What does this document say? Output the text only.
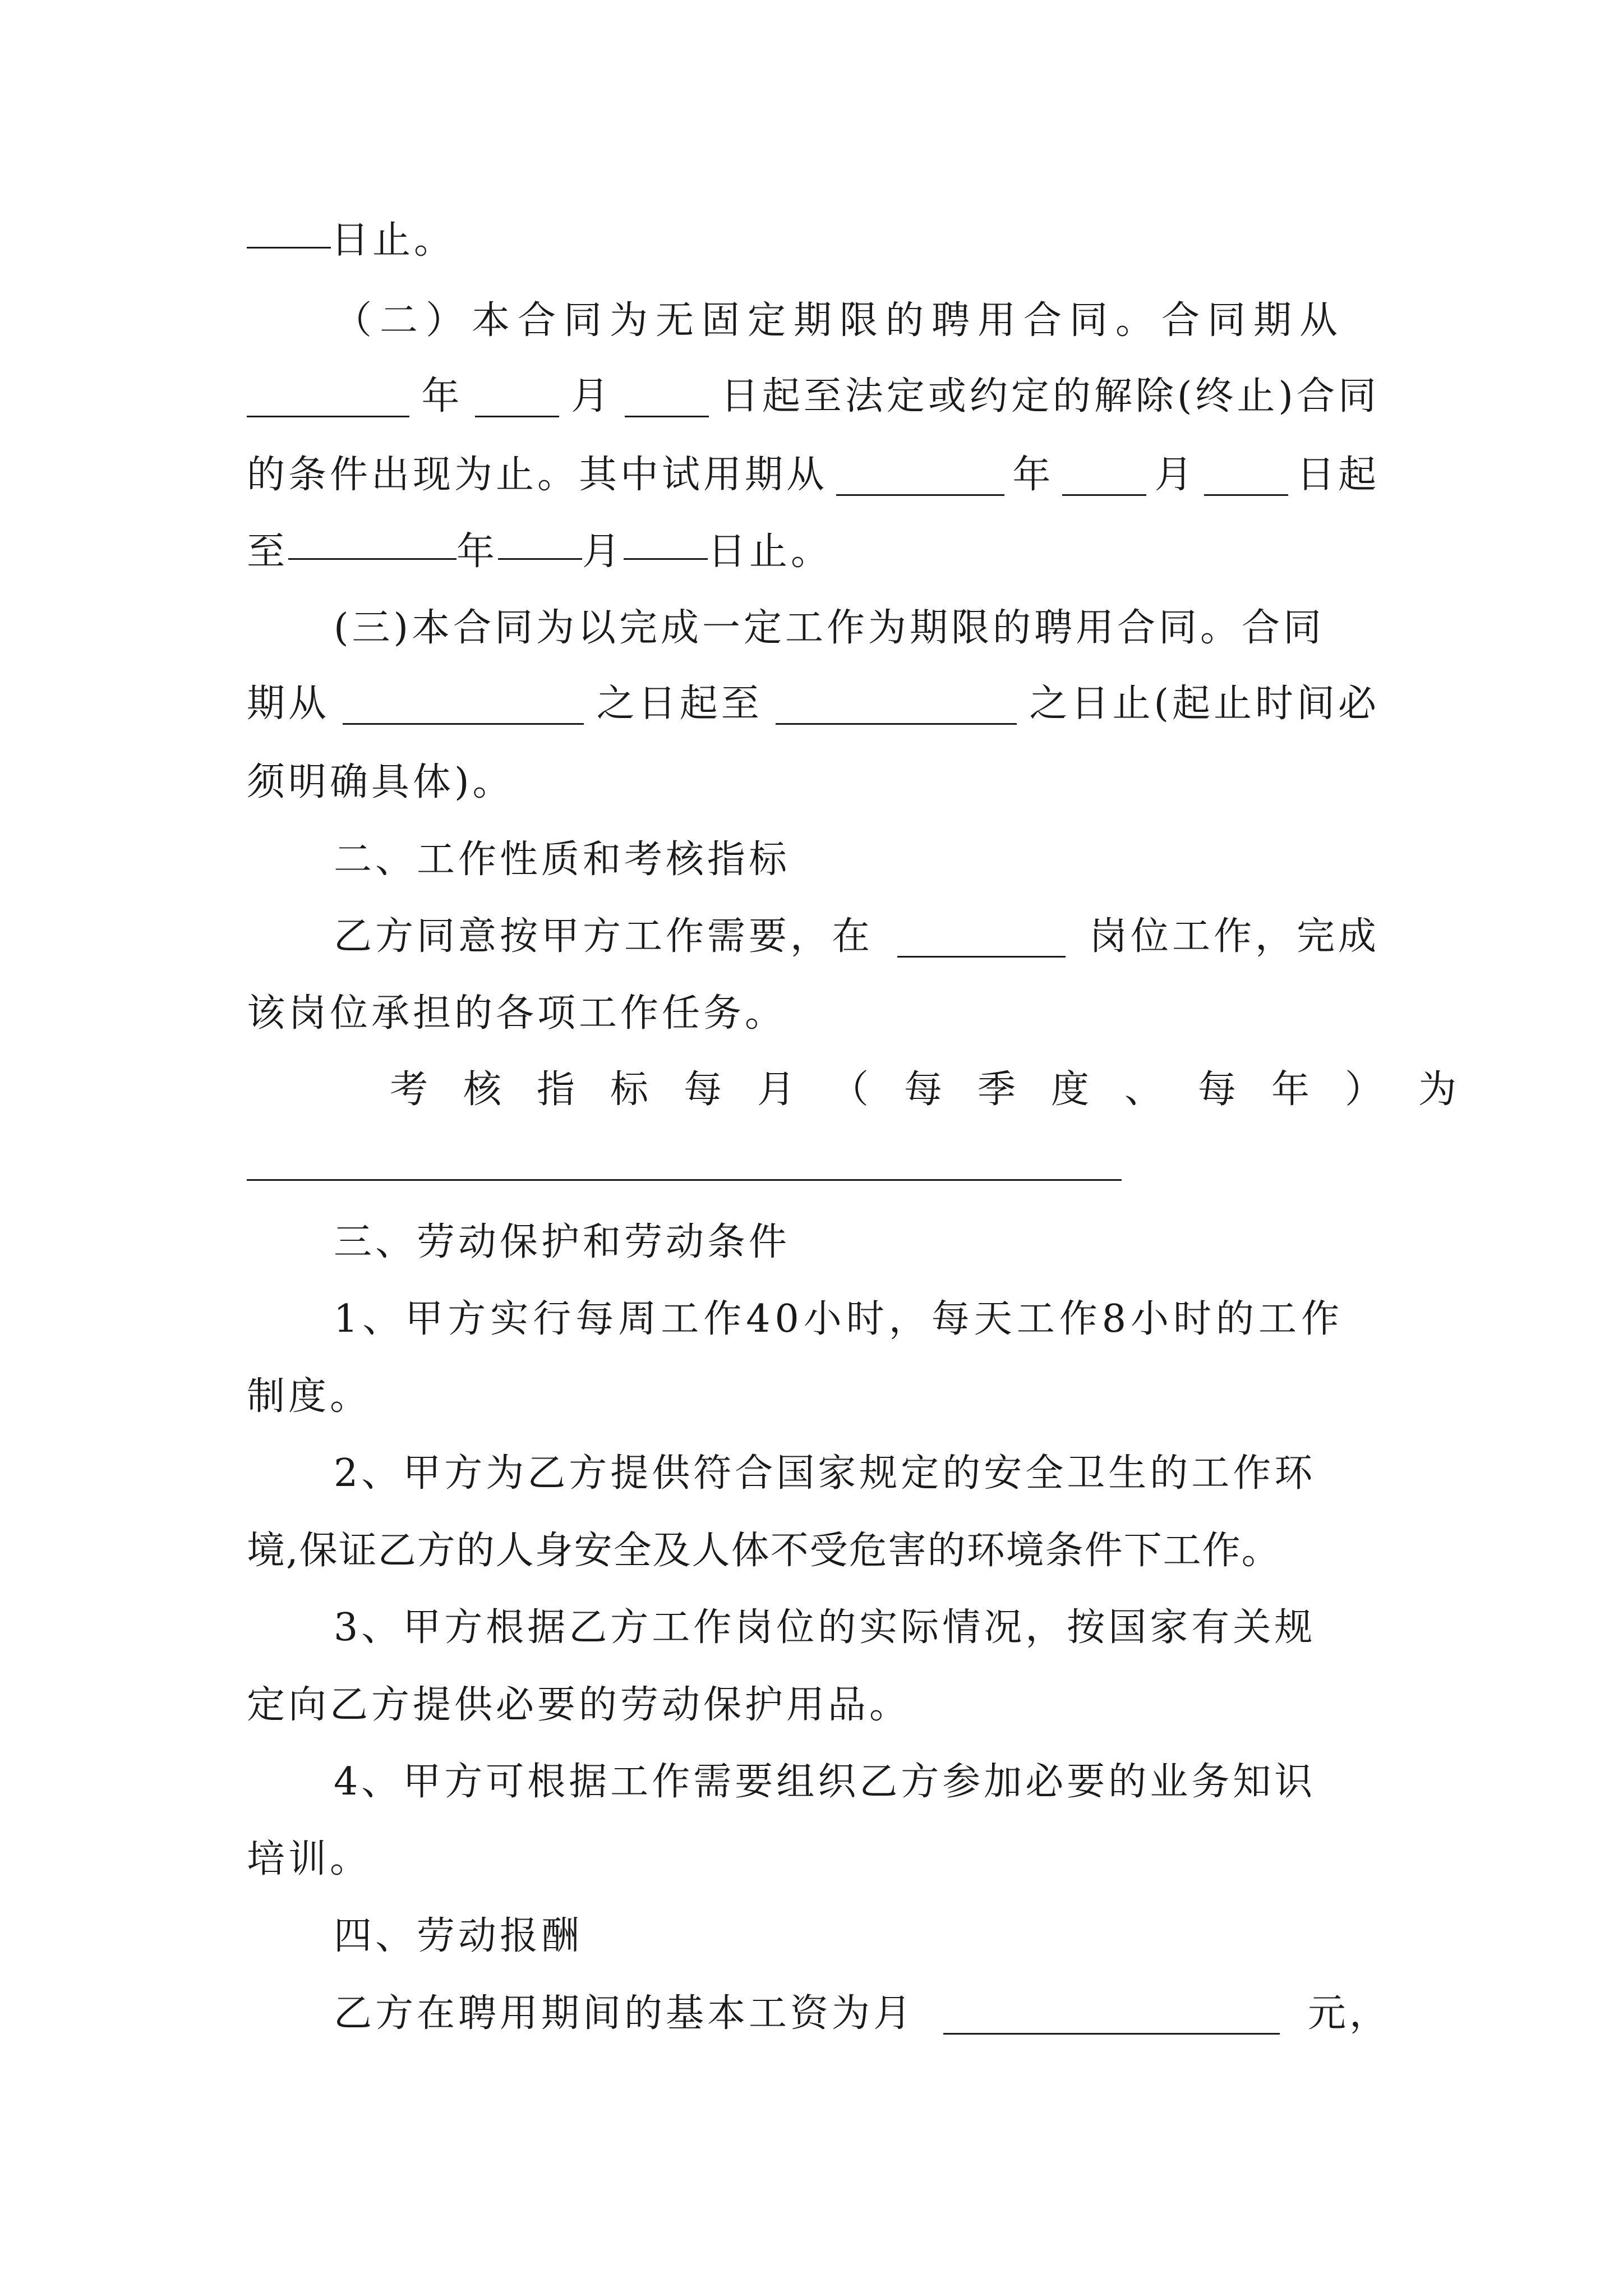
日止。
（二）本合同为无固定期限的聘用合同。合同期从
年	月	日起至法定或约定的解除(终止)合同
的条件出现为止。其中试用期从	年	月	日起
至	年 月 日止。
(三)本合同为以完成一定工作为期限的聘用合同。合同
期从	之日起至	之日止(起止时间必
须明确具体)。
二、工作性质和考核指标
乙方同意按甲方工作需要，在	岗位工作，完成
该岗位承担的各项工作任务。
考核指标每月（每季度、每年）为
三、劳动保护和劳动条件
1、甲方实行每周工作40小时，每天工作8小时的工作
制度。
2、甲方为乙方提供符合国家规定的安全卫生的工作环
境,保证乙方的人身安全及人体不受危害的环境条件下工作。
3、甲方根据乙方工作岗位的实际情况，按国家有关规
定向乙方提供必要的劳动保护用品。
4、甲方可根据工作需要组织乙方参加必要的业务知识
培训。
四、劳动报酬
乙方在聘用期间的基本工资为月	元，
